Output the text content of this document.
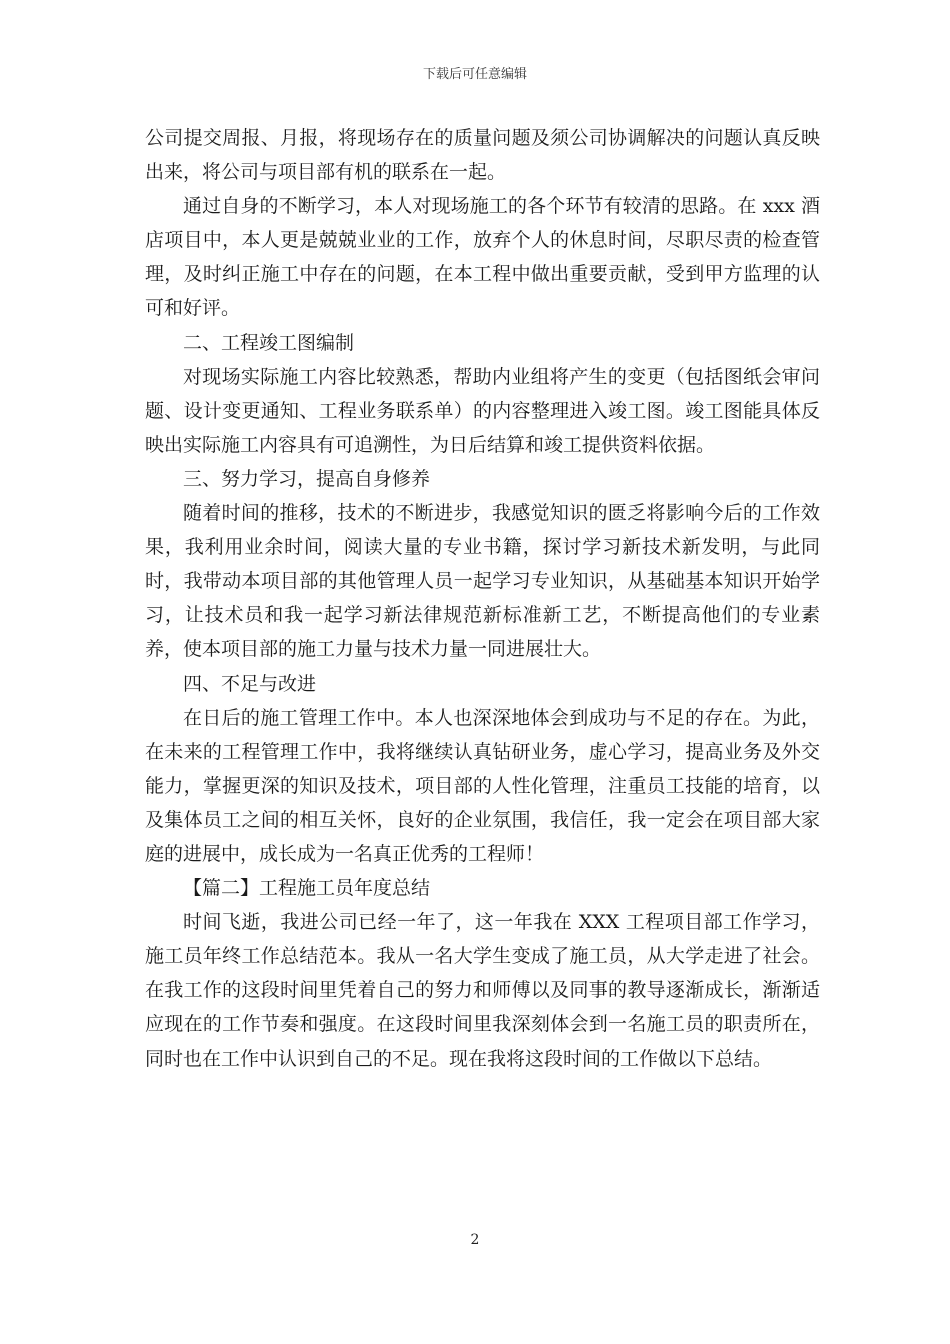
下载后可任意编辑

公司提交周报、月报，将现场存在的质量问题及须公司协调解决的问题认真反映出来，将公司与项目部有机的联系在一起。

通过自身的不断学习，本人对现场施工的各个环节有较清的思路。在 xxx 酒店项目中，本人更是兢兢业业的工作，放弃个人的休息时间，尽职尽责的检查管理，及时纠正施工中存在的问题，在本工程中做出重要贡献，受到甲方监理的认可和好评。

二、工程竣工图编制

对现场实际施工内容比较熟悉，帮助内业组将产生的变更（包括图纸会审问题、设计变更通知、工程业务联系单）的内容整理进入竣工图。竣工图能具体反映出实际施工内容具有可追溯性，为日后结算和竣工提供资料依据。

三、努力学习，提高自身修养

随着时间的推移，技术的不断进步，我感觉知识的匮乏将影响今后的工作效果，我利用业余时间，阅读大量的专业书籍，探讨学习新技术新发明，与此同时，我带动本项目部的其他管理人员一起学习专业知识，从基础基本知识开始学习，让技术员和我一起学习新法律规范新标准新工艺，不断提高他们的专业素养，使本项目部的施工力量与技术力量一同进展壮大。

四、不足与改进

在日后的施工管理工作中。本人也深深地体会到成功与不足的存在。为此，在未来的工程管理工作中，我将继续认真钻研业务，虚心学习，提高业务及外交能力，掌握更深的知识及技术，项目部的人性化管理，注重员工技能的培育，以及集体员工之间的相互关怀，良好的企业氛围，我信任，我一定会在项目部大家庭的进展中，成长成为一名真正优秀的工程师！

【篇二】工程施工员年度总结

时间飞逝，我进公司已经一年了，这一年我在 XXX 工程项目部工作学习，施工员年终工作总结范本。我从一名大学生变成了施工员，从大学走进了社会。在我工作的这段时间里凭着自己的努力和师傅以及同事的教导逐渐成长，渐渐适应现在的工作节奏和强度。在这段时间里我深刻体会到一名施工员的职责所在，同时也在工作中认识到自己的不足。现在我将这段时间的工作做以下总结。

2
